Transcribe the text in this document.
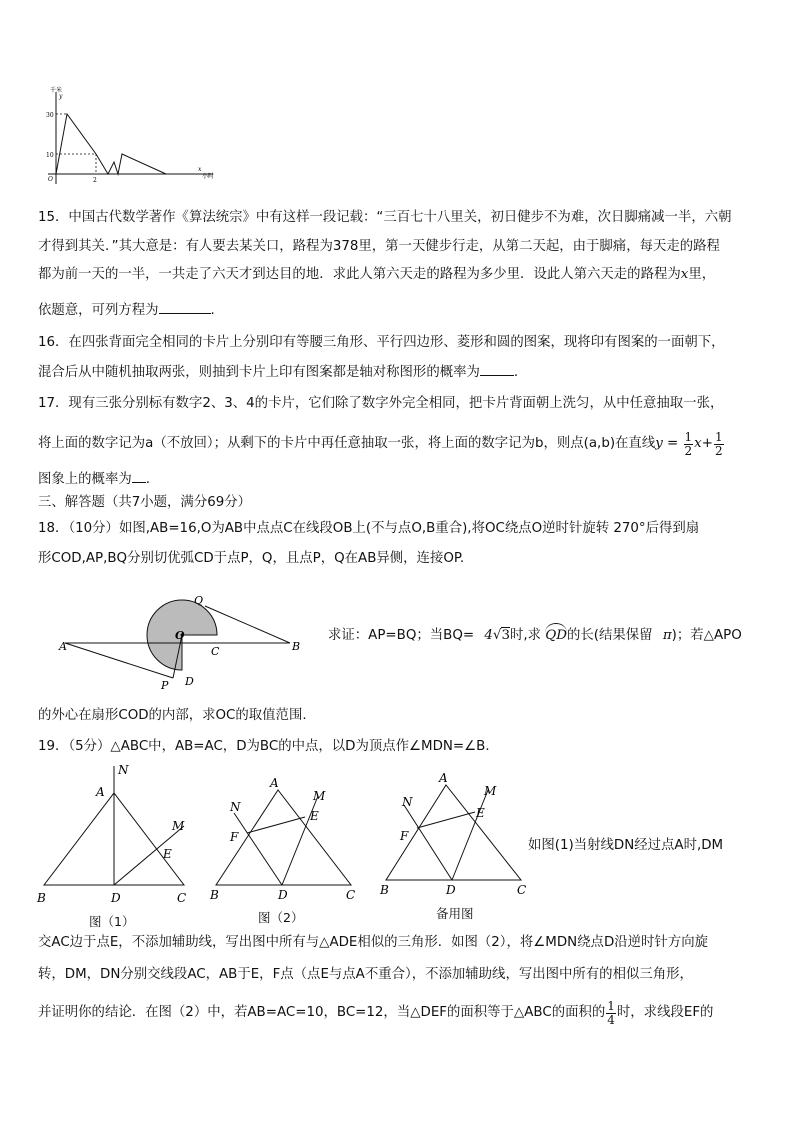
千米
y
30
10
O	2
x
小时
15．中国古代数学著作《算法统宗》中有这样一段记载：“三百七十八里关，初日健步不为难，次日脚痛减一半，六朝
才得到其关．”其大意是：有人要去某关口，路程为378里，第一天健步行走，从第二天起，由于脚痛，每天走的路程
都为前一天的一半，一共走了六天才到达目的地．求此人第六天走的路程为多少里．设此人第六天走的路程为x里，
依题意，可列方程为	.
16．在四张背面完全相同的卡片上分别印有等腰三角形、平行四边形、菱形和圆的图案，现将印有图案的一面朝下，
混合后从中随机抽取两张，则抽到卡片上印有图案都是轴对称图形的概率为	.
17．现有三张分别标有数字2、3、4的卡片，它们除了数字外完全相同，把卡片背面朝上洗匀，从中任意抽取一张，
将上面的数字记为a（不放回）；从剩下的卡片中再任意抽取一张，将上面的数字记为b，则点(a,b)在直线 $y = \frac{1}{2}$ $x + \frac{1}{2}$
图象上的概率为 .
三、解答题（共7小题，满分69分）
18．（10分）如图,AB=16,O为AB中点点C在线段OB上(不与点O,B重合),将OC绕点O逆时针旋转 270°后得到扇
形COD,AP,BQ分别切优弧CD于点P，Q，且点P，Q在AB异侧，连接OP.
A	B
O
C
Q
P D
求证：AP=BQ；当BQ= 4√3时,求 QD的长(结果保留 π)；若△APO
的外心在扇形COD的内部，求OC的取值范围.
19．（5分）△ABC中，AB=AC，D为BC的中点，以D为顶点作∠MDN=∠B．
N
A
M
E
B	D	C
图（1）
A
M
N
E
F
B	D	C
图（2）
A
M
N
E
F
B	D	C
备用图
如图(1)当射线DN经过点A时,DM
交AC边于点E，不添加辅助线，写出图中所有与△ADE相似的三角形．如图（2），将∠MDN绕点D沿逆时针方向旋
转，DM，DN分别交线段AC，AB于E，F点（点E与点A不重合），不添加辅助线，写出图中所有的相似三角形，
并证明你的结论．在图（2）中，若AB=AC=10，BC=12，当△DEF的面积等于△ABC的面积的 $\frac{1}{4}$ 时，求线段EF的
